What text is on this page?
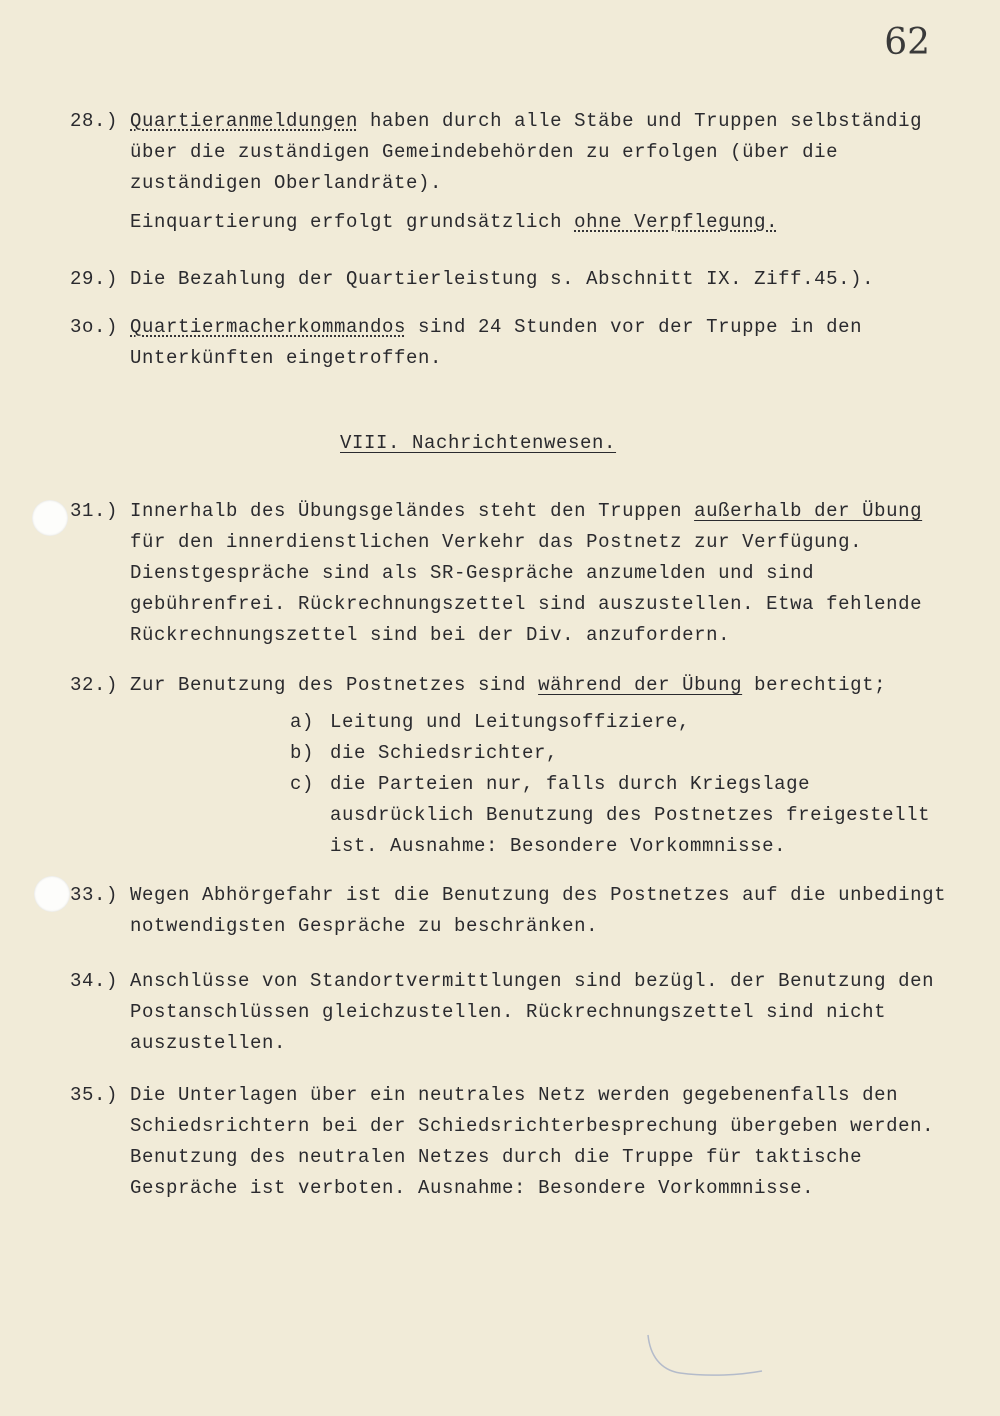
62
28.) Quartieranmeldungen haben durch alle Stäbe und Truppen selbständig über die zuständigen Gemeindebehörden zu erfolgen (über die zuständigen Oberlandräte).
Einquartierung erfolgt grundsätzlich ohne Verpflegung.
29.) Die Bezahlung der Quartierleistung s. Abschnitt IX. Ziff.45.).
3o.) Quartiermacherkommandos sind 24 Stunden vor der Truppe in den Unterkünften eingetroffen.
VIII. Nachrichtenwesen.
31.) Innerhalb des Übungsgeländes steht den Truppen außerhalb der Übung für den innerdienstlichen Verkehr das Postnetz zur Verfügung. Dienstgespräche sind als SR-Gespräche anzumelden und sind gebührenfrei. Rückrechnungszettel sind auszustellen. Etwa fehlende Rückrechnungszettel sind bei der Div. anzufordern.
32.) Zur Benutzung des Postnetzes sind während der Übung berechtigt;
a) Leitung und Leitungsoffiziere,
b) die Schiedsrichter,
c) die Parteien nur, falls durch Kriegslage ausdrücklich Benutzung des Postnetzes freigestellt ist. Ausnahme: Besondere Vorkommnisse.
33.) Wegen Abhörgefahr ist die Benutzung des Postnetzes auf die unbedingt notwendigsten Gespräche zu beschränken.
34.) Anschlüsse von Standortvermittlungen sind bezügl. der Benutzung den Postanschlüssen gleichzustellen. Rückrechnungszettel sind nicht auszustellen.
35.) Die Unterlagen über ein neutrales Netz werden gegebenenfalls den Schiedsrichtern bei der Schiedsrichterbesprechung übergeben werden. Benutzung des neutralen Netzes durch die Truppe für taktische Gespräche ist verboten. Ausnahme: Besondere Vorkommnisse.
